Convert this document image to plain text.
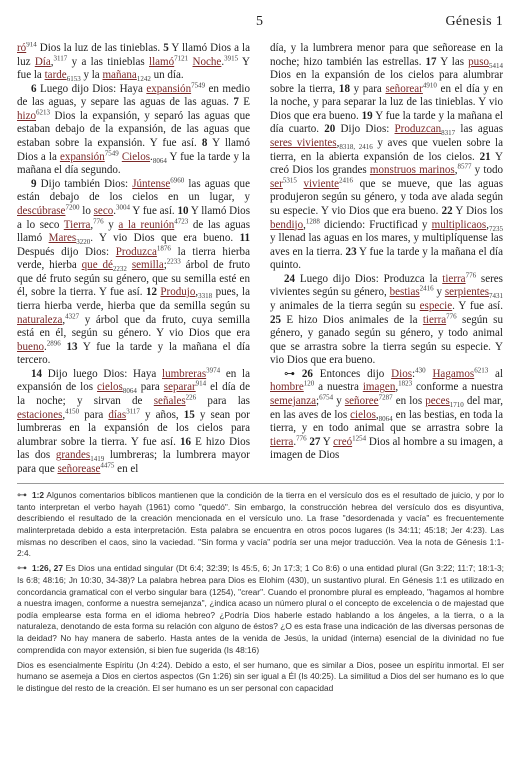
5	Génesis 1

$ró^{914}$ Dios la luz de las tinieblas. 5 Y llamó Dios a la luz Día,$^{3117}$ y a las tinieblas llamó$^{7121}$ Noche.$^{3915}$ Y fue la tarde$_{6153}$ y la mañana$_{1242}$ un día.

6 Luego dijo Dios: Haya expansión$^{7549}$ en medio de las aguas, y separe las aguas de las aguas. 7 E hizo$^{6213}$ Dios la expansión, y separó las aguas que estaban debajo de la expansión, de las aguas que estaban sobre la expansión. Y fue así. 8 Y llamó Dios a la expansión$^{7549}$ $Cielos._{8064}$ Y fue la tarde y la mañana el día segundo.

9 Dijo también Dios: Júntense$^{6960}$ las aguas que están debajo de los cielos en un lugar, y descúbrase$^{7200}$ lo seco.$^{3004}$ Y fue así. 10 Y llamó Dios a lo seco Tierra,$^{776}$ y a la reunión$^{4723}$ de las aguas llamó Mares$_{3220}$. Y vio Dios que era bueno. 11 Después dijo Dios: Produzca$^{1876}$ la tierra hierba verde, hierba que $dé_{2232}$ semilla;$^{2233}$ árbol de fruto que dé fruto según su género, que su semilla esté en él, sobre la tierra. Y fue así. 12 $Produjo,_{3318}$ pues, la tierra hierba verde, hierba que da semilla según su naturaleza,$^{4327}$ y árbol que da fruto, cuya semilla está en él, según su género. Y vio Dios que era bueno.$^{2896}$ 13 Y fue la tarde y la mañana el día tercero.

14 Dijo luego Dios: Haya lumbreras$^{3974}$ en la expansión de los cielos$_{8064}$ para separar$^{914}$ el día de la noche; y sirvan de señales$^{226}$ para las estaciones,$^{4150}$ para días$^{3117}$ y años, 15 y sean por lumbreras en la expansión de los cielos para alumbrar sobre la tierra. Y fue así. 16 E hizo Dios las dos grandes$_{1419}$ lumbreras; la lumbrera mayor para que señorease$^{4475}$ en el

día, y la lumbrera menor para que señorease en la noche; hizo también las estrellas. 17 Y las puso$_{5414}$ Dios en la expansión de los cielos para alumbrar sobre la tierra, 18 y para señorear$^{4910}$ en el día y en la noche, y para separar la luz de las tinieblas. Y vio Dios que era bueno. 19 Y fue la tarde y la mañana el día cuarto. 20 Dijo Dios: Produzcan$_{8317}$ las aguas seres $vivientes,_{8318, 2416}$ y aves que vuelen sobre la tierra, en la abierta expansión de los cielos. 21 Y creó Dios los grandes monstruos marinos,$^{8577}$ y todo ser$^{5315}$ viviente$^{2416}$ que se mueve, que las aguas produjeron según su género, y toda ave alada según su especie. Y vio Dios que era bueno. 22 Y Dios los bendijo,$^{1288}$ diciendo: Fructificad y $multiplicaos,_{7235}$ y llenad las aguas en los mares, y multiplíquense las aves en la tierra. 23 Y fue la tarde y la mañana el día quinto.

24 Luego dijo Dios: Produzca la tierra$^{776}$ seres vivientes según su género, bestias$^{2416}$ y serpientes$_{7431}$ y animales de la tierra según su especie. Y fue así. 25 E hizo Dios animales de la tierra$^{776}$ según su género, y ganado según su género, y todo animal que se arrastra sobre la tierra según su especie. Y vio Dios que era bueno.

⊶ 26 Entonces dijo Dios:$^{430}$ Hagamos$^{6213}$ al hombre$^{120}$ a nuestra imagen,$^{1823}$ conforme a nuestra semejanza;$^{6754}$ y señoree$^{7287}$ en los peces$_{1710}$ del mar, en las aves de los $cielos,_{8064}$ en las bestias, en toda la tierra, y en todo animal que se arrastra sobre la tierra.$^{776}$ 27 Y creó$^{1254}$ Dios al hombre a su imagen, a imagen de Dios

⊶ 1:2 Algunos comentarios bíblicos mantienen que la condición de la tierra en el versículo dos es el resultado de juicio, y por lo tanto interpretan el verbo hayah (1961) como "quedó". Sin embargo, la construcción hebrea del versículo dos es disyuntiva, describiendo el resultado de la creación mencionada en el versículo uno. La frase "desordenada y vacía" es frecuentemente malinterpretada debido a esta interpretación. Esta palabra se encuentra en otros pocos lugares (Is 34:11; 45:18; Jer 4:23). Las mismas no describen el caos, sino la vaciedad. "Sin forma y vacía" podría ser una mejor traducción. Vea la nota de Génesis 1:1-2:4.

⊶ 1:26, 27 Es Dios una entidad singular (Dt 6:4; 32:39; Is 45:5, 6; Jn 17:3; 1 Co 8:6) o una entidad plural (Gn 3:22; 11:7; 18:1-3; Is 6:8; 48:16; Jn 10:30, 34-38)? La palabra hebrea para Dios es Elohim (430), un sustantivo plural. En Génesis 1:1 es utilizado en concordancia gramatical con el verbo singular bara (1254), "crear". Cuando el pronombre plural es empleado, "hagamos al hombre a nuestra imagen, conforme a nuestra semejanza", ¿indica acaso un número plural o el concepto de excelencia o de majestad que podía emplearse esta forma en el idioma hebreo? ¿Podría Dios haberle estado hablando a los ángeles, a la tierra, o a la naturaleza, denotando de esta forma su relación con alguno de éstos? ¿O es esta frase una indicación de las diversas personas de la deidad? No hay manera de saberlo. Hasta antes de la venida de Jesús, la unidad (interna) esencial de la divinidad no fue comprendida con mayor extensión, si bien fue sugerida (Is 48:16)

Dios es esencialmente Espíritu (Jn 4:24). Debido a esto, el ser humano, que es similar a Dios, posee un espíritu inmortal. El ser humano se asemeja a Dios en ciertos aspectos (Gn 1:26) sin ser igual a Él (Is 40:25). La similitud a Dios del ser humano es lo que le distingue del resto de la creación. El ser humano es un ser personal con capacidad
